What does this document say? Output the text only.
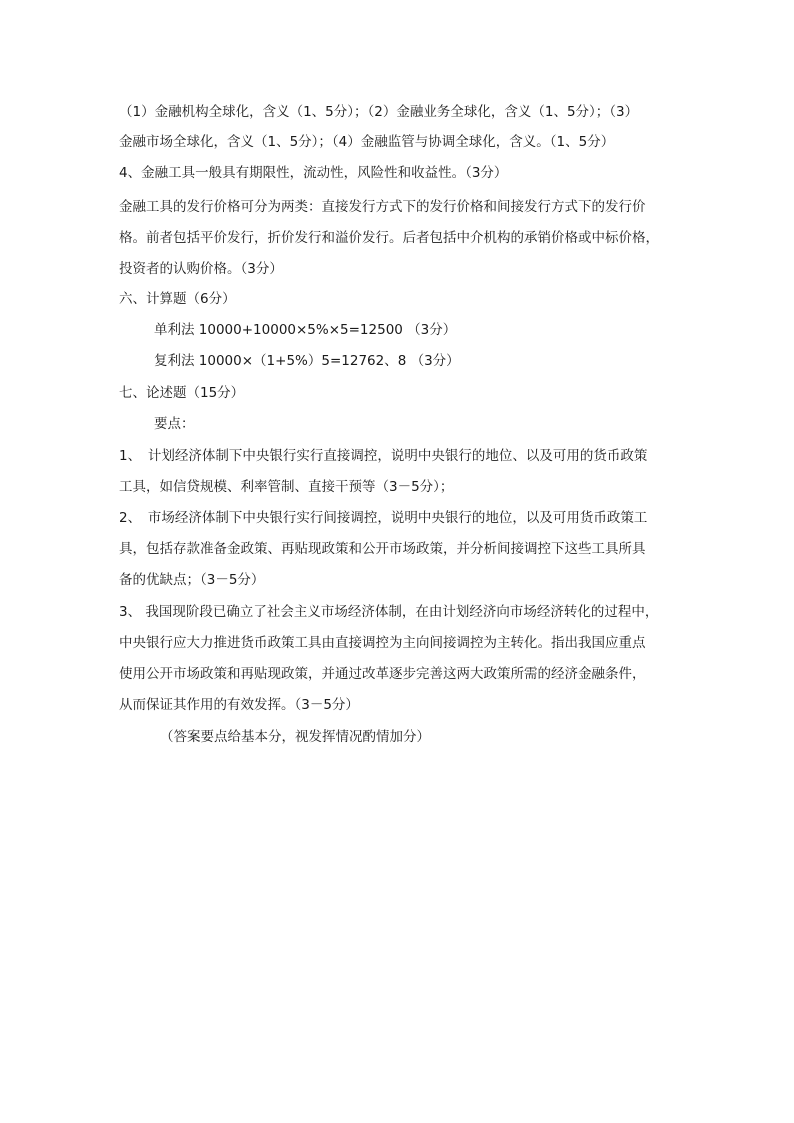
（1）金融机构全球化，含义（1、5分）；（2）金融业务全球化，含义（1、5分）；（3）
金融市场全球化，含义（1、5分）；（4）金融监管与协调全球化，含义。（1、5分）
4、金融工具一般具有期限性，流动性，风险性和收益性。（3分）
金融工具的发行价格可分为两类：直接发行方式下的发行价格和间接发行方式下的发行价
格。前者包括平价发行，折价发行和溢价发行。后者包括中介机构的承销价格或中标价格，
投资者的认购价格。（3分）
六、计算题（6分）
单利法 10000+10000×5%×5=12500 （3分）
复利法 10000×（1+5%）5=12762、8 （3分）
七、论述题（15分）
要点：
1、　计划经济体制下中央银行实行直接调控，说明中央银行的地位、以及可用的货币政策
工具，如信贷规模、利率管制、直接干预等（3－5分）；
2、　市场经济体制下中央银行实行间接调控，说明中央银行的地位，以及可用货币政策工
具，包括存款准备金政策、再贴现政策和公开市场政策，并分析间接调控下这些工具所具
备的优缺点；（3－5分）
3、 我国现阶段已确立了社会主义市场经济体制，在由计划经济向市场经济转化的过程中，
中央银行应大力推进货币政策工具由直接调控为主向间接调控为主转化。指出我国应重点
使用公开市场政策和再贴现政策，并通过改革逐步完善这两大政策所需的经济金融条件，
从而保证其作用的有效发挥。（3－5分）
（答案要点给基本分，视发挥情况酌情加分）
